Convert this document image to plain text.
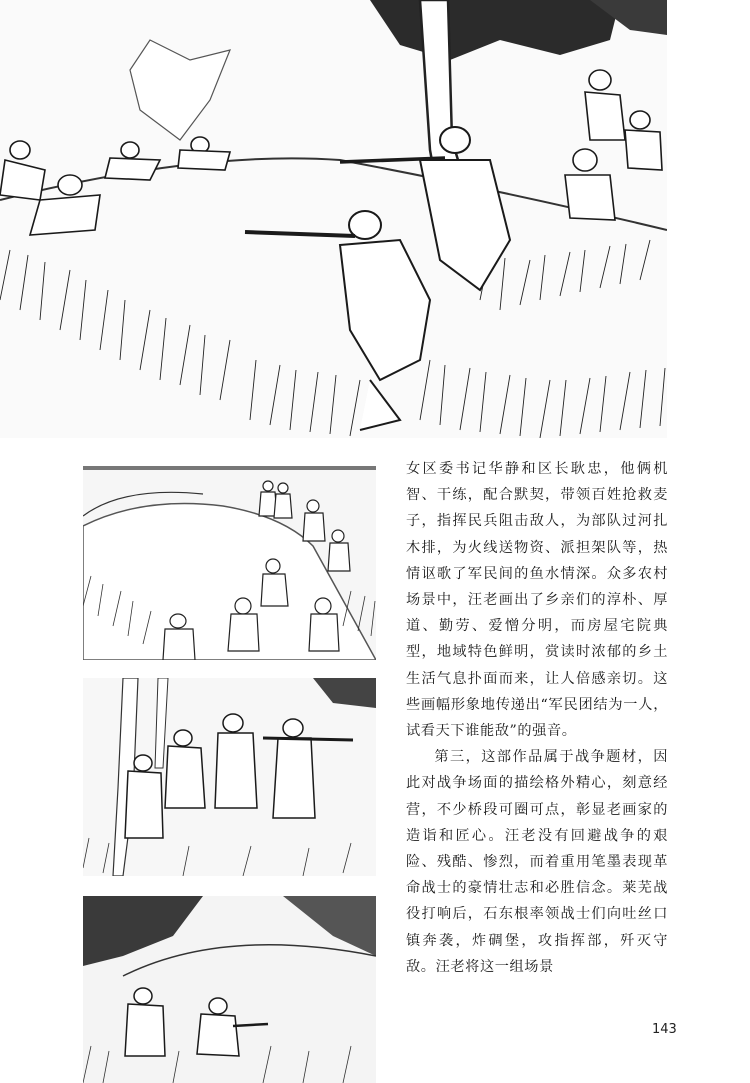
女区委书记华静和区长耿忠，他俩机智、干练，配合默契，带领百姓抢救麦子，指挥民兵阻击敌人，为部队过河扎木排，为火线送物资、派担架队等，热情讴歌了军民间的鱼水情深。众多农村场景中，汪老画出了乡亲们的淳朴、厚道、勤劳、爱憎分明，而房屋宅院典型，地域特色鲜明，赏读时浓郁的乡土生活气息扑面而来，让人倍感亲切。这些画幅形象地传递出“军民团结为一人，试看天下谁能敌”的强音。

第三，这部作品属于战争题材，因此对战争场面的描绘格外精心，刻意经营，不少桥段可圈可点，彰显老画家的造诣和匠心。汪老没有回避战争的艰险、残酷、惨烈，而着重用笔墨表现革命战士的豪情壮志和必胜信念。莱芜战役打响后，石东根率领战士们向吐丝口镇奔袭，炸碉堡，攻指挥部，歼灭守敌。汪老将这一组场景

143
